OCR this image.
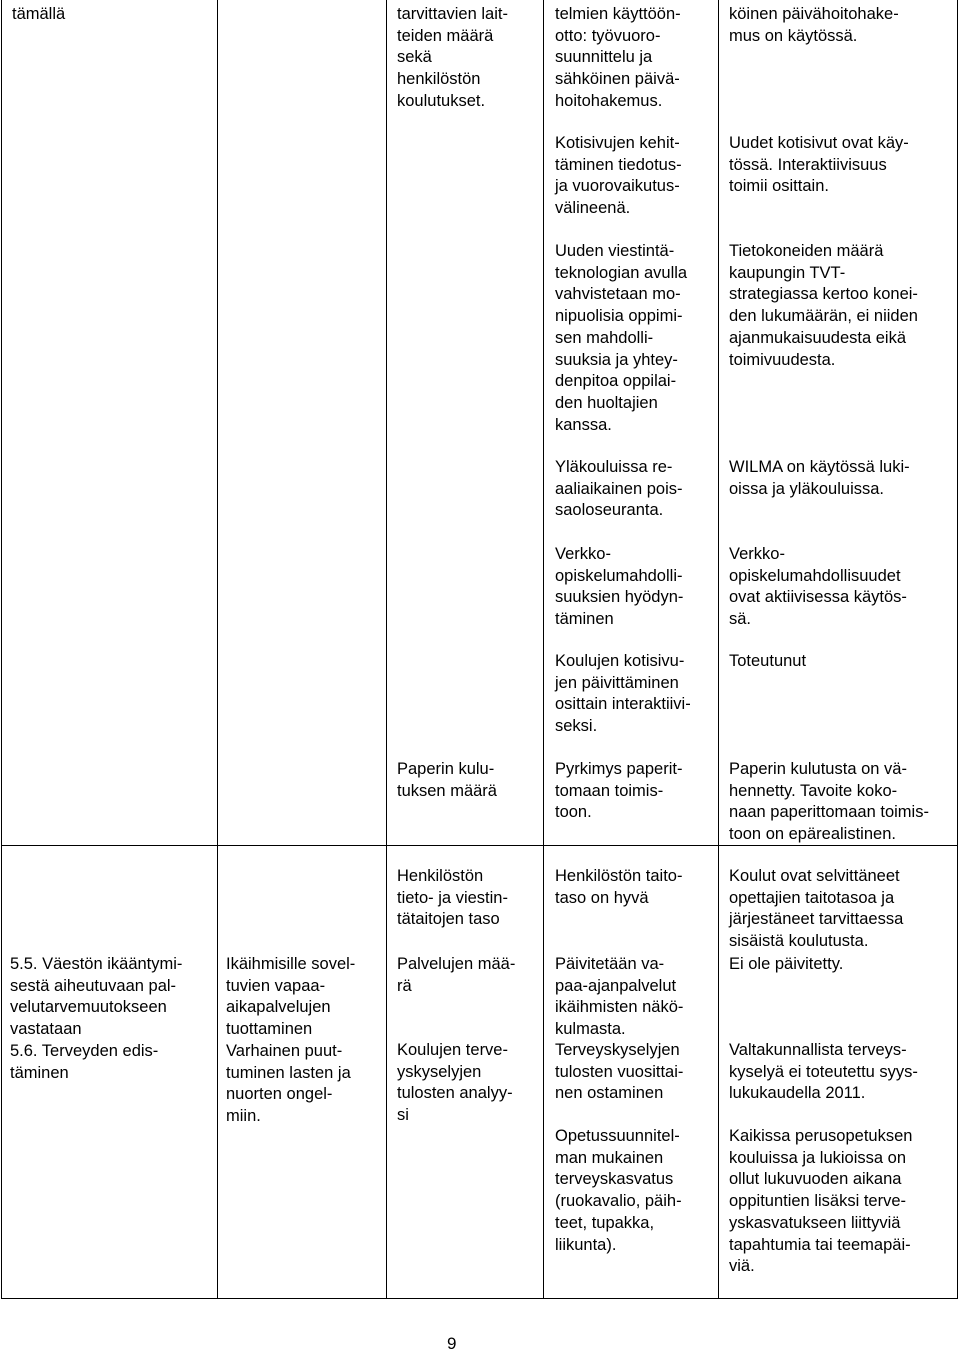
tämällä

5.5. Väestön ikääntymi-

sestä aiheutuvaan pal-

velutarvemuutokseen

vastataan

5.6. Terveyden edis-

täminen

Ikäihmisille sovel-

tuvien vapaa-

aikapalvelujen

tuottaminen

Varhainen puut-

tuminen lasten ja

nuorten ongel-

miin.

tarvittavien lait-

teiden määrä

sekä

henkilöstön

koulutukset.

Paperin kulu-

tuksen määrä

Henkilöstön

tieto- ja viestin-

tätaitojen taso

Palvelujen mää-

rä

Koulujen terve-

yskyselyjen

tulosten analyy-

si

telmien käyttöön-

otto: työvuoro-

suunnittelu ja

sähköinen päivä-

hoitohakemus.

Kotisivujen kehit-

täminen tiedotus-

ja vuorovaikutus-

välineenä.

Uuden viestintä-

teknologian avulla

vahvistetaan mo-

nipuolisia oppimi-

sen mahdolli-

suuksia ja yhtey-

denpitoa oppilai-

den huoltajien

kanssa.

Yläkouluissa re-

aaliaikainen pois-

saoloseuranta.

Verkko-

opiskelumahdolli-

suuksien hyödyn-

täminen

Koulujen kotisivu-

jen päivittäminen

osittain interaktiivi-

seksi.

Pyrkimys paperit-

tomaan toimis-

toon.

Henkilöstön taito-

taso on hyvä

Päivitetään va-

paa-ajanpalvelut

ikäihmisten näkö-

kulmasta.

Terveyskyselyjen

tulosten vuosittai-

nen ostaminen

Opetussuunnitel-

man mukainen

terveyskasvatus

(ruokavalio, päih-

teet, tupakka,

liikunta).

köinen päivähoitohake-

mus on käytössä.

Uudet kotisivut ovat käy-

tössä. Interaktiivisuus

toimii osittain.

Tietokoneiden määrä

kaupungin TVT-

strategiassa kertoo konei-

den lukumäärän, ei niiden

ajanmukaisuudesta eikä

toimivuudesta.

WILMA on käytössä luki-

oissa ja yläkouluissa.

Verkko-

opiskelumahdollisuudet

ovat aktiivisessa käytös-

sä.

Toteutunut

Paperin kulutusta on vä-

hennetty. Tavoite koko-

naan paperittomaan toimis-

toon on epärealistinen.

Koulut ovat selvittäneet

opettajien taitotasoa ja

järjestäneet tarvittaessa

sisäistä koulutusta.

Ei ole päivitetty.

Valtakunnallista terveys-

kyselyä ei toteutettu syys-

lukukaudella 2011.

Kaikissa perusopetuksen

kouluissa ja lukioissa on

ollut lukuvuoden aikana

oppituntien lisäksi terve-

yskasvatukseen liittyviä

tapahtumia tai teemapäi-

viä.

9
